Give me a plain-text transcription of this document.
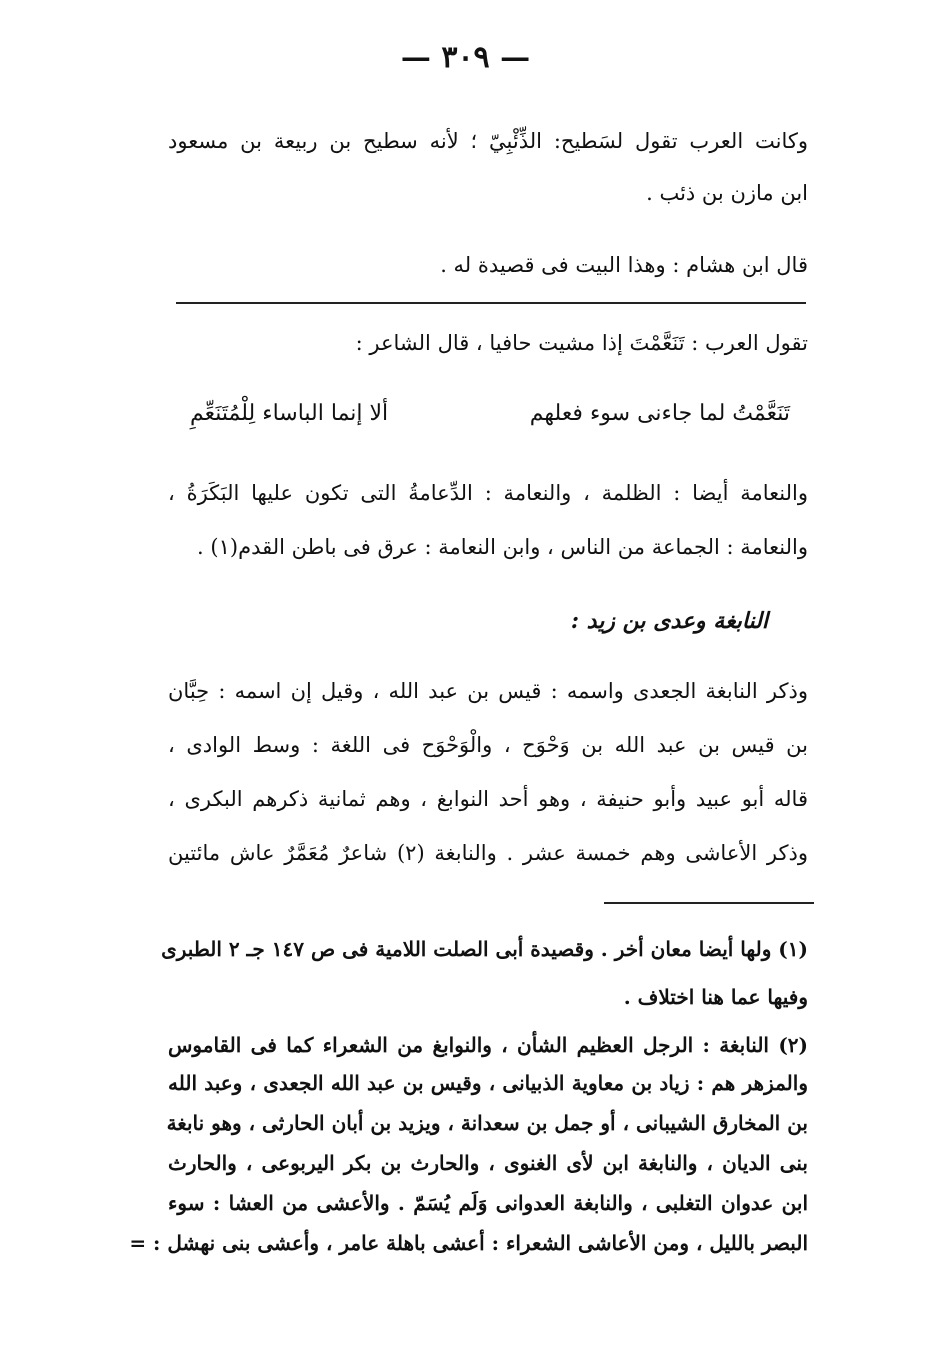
— ٣٠٩ —
وكانت العرب تقول لسَطيح: الذِّئْبِيّ ؛ لأنه سطيح بن ربيعة بن مسعود
ابن مازن بن ذئب .
قال ابن هشام : وهذا البيت فى قصيدة له .
تقول العرب : تَنَعَّمْتَ إذا مشيت حافيا ، قال الشاعر :
تَنَعَّمْتُ لما جاءنى سوء فعلهم
ألا إنما الباساء لِلْمُتَنَعِّمِ
والنعامة أيضا : الظلمة ، والنعامة : الدِّعامةُ التى تكون عليها البَكَرَةُ ،
والنعامة : الجماعة من الناس ، وابن النعامة : عرق فى باطن القدم(١) .
النابغة وعدى بن زيد :
وذكر النابغة الجعدى واسمه : قيس بن عبد الله ، وقيل إن اسمه : حِبَّان
بن قيس بن عبد الله بن وَحْوَح ، والْوَحْوَح فى اللغة : وسط الوادى ،
قاله أبو عبيد وأبو حنيفة ، وهو أحد النوابغ ، وهم ثمانية ذكرهم البكرى ،
وذكر الأعاشى وهم خمسة عشر . والنابغة (٢) شاعرٌ مُعَمَّرٌ عاش مائتين
(١) ولها أيضا معان أخر . وقصيدة أبى الصلت اللامية فى ص ١٤٧ جـ ٢ الطبرى
وفيها عما هنا اختلاف .
(٢) النابغة : الرجل العظيم الشأن ، والنوابغ من الشعراء كما فى القاموس
والمزهر هم : زياد بن معاوية الذبيانى ، وقيس بن عبد الله الجعدى ، وعبد الله
بن المخارق الشيبانى ، أو جمل بن سعدانة ، ويزيد بن أبان الحارثى ، وهو نابغة
بنى الديان ، والنابغة ابن لأى الغنوى ، والحارث بن بكر اليربوعى ، والحارث
ابن عدوان التغلبى ، والنابغة العدوانى وَلَم يُسَمّ . والأعشى من العشا : سوء
البصر بالليل ، ومن الأعاشى الشعراء : أعشى باهلة عامر ، وأعشى بنى نهشل : =
